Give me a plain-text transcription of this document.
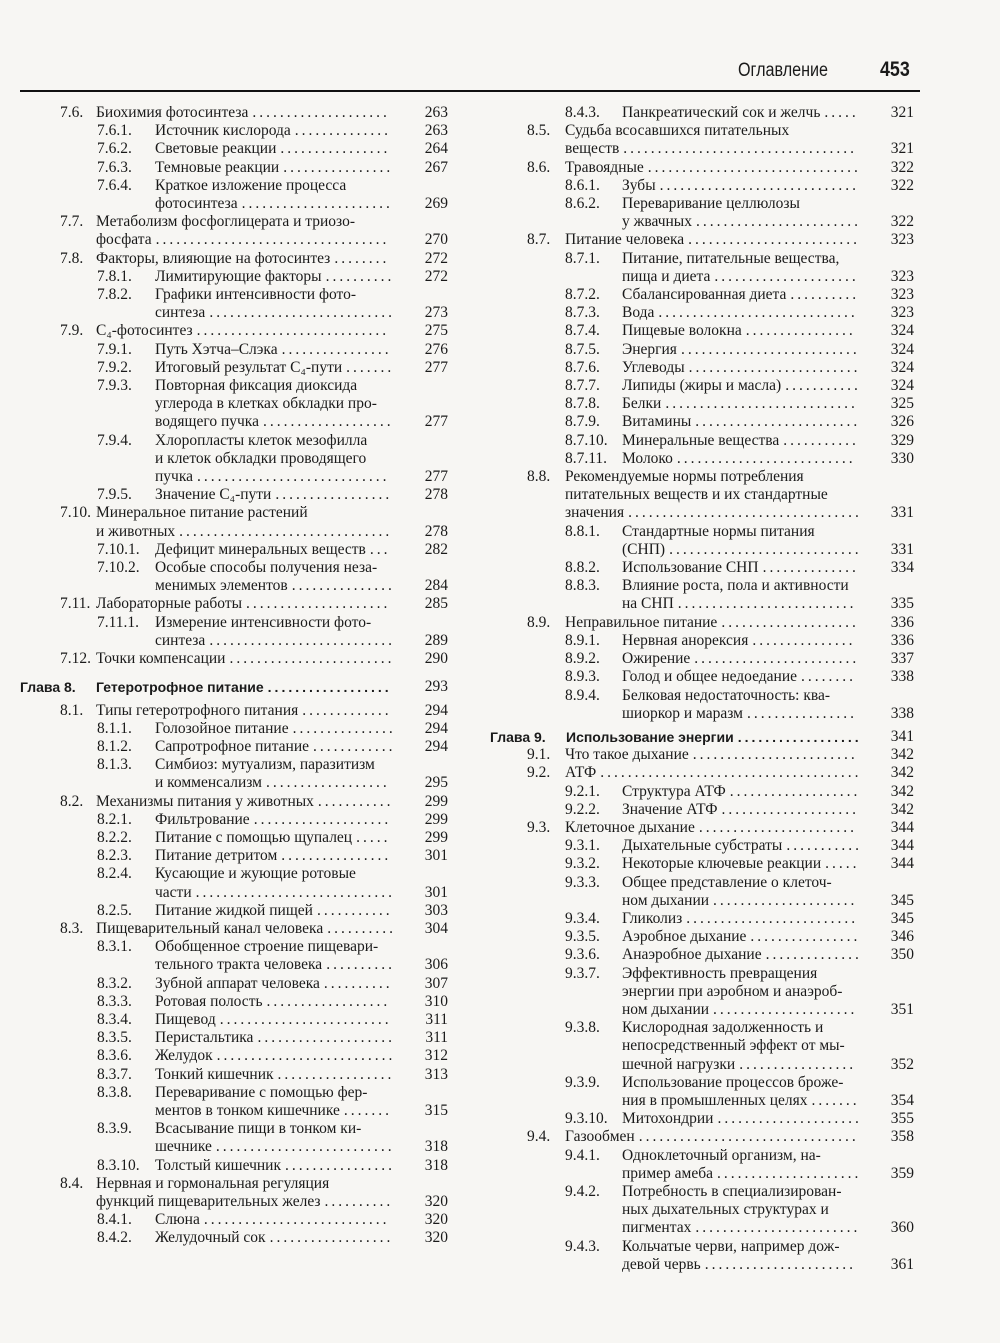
Оглавление 453
7.6. Биохимия фотосинтеза ....................	263
7.6.1.	Источник кислорода ..............	263
7.6.2.	Световые реакции ................	264
7.6.3.	Темновые реакции ................	267
7.6.4.	Краткое изложение процесса
фотосинтеза ......................	269
7.7. Метаболизм фосфоглицерата и триозо-
фосфата ..................................	270
7.8. Факторы, влияющие на фотосинтез ........	272
7.8.1.	Лимитирующие факторы ..........	272
7.8.2.	Графики интенсивности фото-
синтеза ...........................	273
7.9. C₄-фотосинтез ............................	275
7.9.1.	Путь Хэтча–Слэка ................	276
7.9.2.	Итоговый результат C₄-пути .......	277
7.9.3.	Повторная фиксация диоксида
углерода в клетках обкладки про-
водящего пучка ...................	277
7.9.4.	Хлоропласты клеток мезофилла
и клеток обкладки проводящего
пучка ............................	277
7.9.5.	Значение C₄-пути .................	278
7.10. Минеральное питание растений
и животных ...............................	278
7.10.1. Дефицит минеральных веществ ...	282
7.10.2. Особые способы получения неза-
менимых элементов ...............	284
7.11. Лабораторные работы .....................	285
7.11.1.	Измерение интенсивности фото-
синтеза ...........................	289
7.12. Точки компенсации ........................	290
Глава 8.	Гетеротрофное питание ..................	293
8.1. Типы гетеротрофного питания .............	294
8.1.1.	Голозойное питание ...............	294
8.1.2.	Сапротрофное питание ............	294
8.1.3.	Симбиоз: мутуализм, паразитизм
и комменсализм ..................	295
8.2. Механизмы питания у животных ...........	299
8.2.1.	Фильтрование ....................	299
8.2.2.	Питание с помощью щупалец .....	299
8.2.3.	Питание детритом ................	301
8.2.4.	Кусающие и жующие ротовые
части .............................	301
8.2.5.	Питание жидкой пищей ...........	303
8.3. Пищеварительный канал человека ..........	304
8.3.1.	Обобщенное строение пищевари-
тельного тракта человека ..........	306
8.3.2.	Зубной аппарат человека ..........	307
8.3.3.	Ротовая полость ..................	310
8.3.4.	Пищевод .........................	311
8.3.5.	Перистальтика ....................	311
8.3.6.	Желудок ..........................	312
8.3.7.	Тонкий кишечник .................	313
8.3.8.	Переваривание с помощью фер-
ментов в тонком кишечнике .......	315
8.3.9.	Всасывание пищи в тонком ки-
шечнике ..........................	318
8.3.10. Толстый кишечник ................	318
8.4. Нервная и гормональная регуляция
функций пищеварительных желез ..........	320
8.4.1.	Слюна ...........................	320
8.4.2.	Желудочный сок ..................	320
8.4.3.	Панкреатический сок и желчь .....	321
8.5. Судьба всосавшихся питательных
веществ ..................................	321
8.6. Травоядные ...............................	322
8.6.1.	Зубы .............................	322
8.6.2.	Переваривание целлюлозы
у жвачных ........................	322
8.7. Питание человека .........................	323
8.7.1.	Питание, питательные вещества,
пища и диета .....................	323
8.7.2.	Сбалансированная диета ..........	323
8.7.3.	Вода .............................	323
8.7.4.	Пищевые волокна ................	324
8.7.5.	Энергия ..........................	324
8.7.6.	Углеводы .........................	324
8.7.7.	Липиды (жиры и масла) ...........	324
8.7.8.	Белки ............................	325
8.7.9.	Витамины ........................	326
8.7.10. Минеральные вещества ...........	329
8.7.11. Молоко ..........................	330
8.8. Рекомендуемые нормы потребления
питательных веществ и их стандартные
значения ..................................	331
8.8.1.	Стандартные нормы питания
(СНП) ............................	331
8.8.2.	Использование СНП ..............	334
8.8.3.	Влияние роста, пола и активности
на СНП ..........................	335
8.9. Неправильное питание ....................	336
8.9.1.	Нервная анорексия ...............	336
8.9.2.	Ожирение ........................	337
8.9.3.	Голод и общее недоедание ........	338
8.9.4.	Белковая недостаточность: ква-
шиоркор и маразм ................	338
Глава 9.	Использование энергии ..................	341
9.1. Что такое дыхание ........................	342
9.2. АТФ ......................................	342
9.2.1.	Структура АТФ ...................	342
9.2.2.	Значение АТФ ....................	342
9.3. Клеточное дыхание .......................	344
9.3.1.	Дыхательные субстраты ...........	344
9.3.2.	Некоторые ключевые реакции .....	344
9.3.3.	Общее представление о клеточ-
ном дыхании .....................	345
9.3.4.	Гликолиз .........................	345
9.3.5.	Аэробное дыхание ................	346
9.3.6.	Анаэробное дыхание ..............	350
9.3.7.	Эффективность превращения
энергии при аэробном и анаэроб-
ном дыхании .....................	351
9.3.8.	Кислородная задолженность и
непосредственный эффект от мы-
шечной нагрузки .................	352
9.3.9.	Использование процессов броже-
ния в промышленных целях .......	354
9.3.10. Митохондрии .....................	355
9.4. Газообмен ................................	358
9.4.1.	Одноклеточный организм, на-
пример амеба .....................	359
9.4.2.	Потребность в специализирован-
ных дыхательных структурах и
пигментах ........................	360
9.4.3.	Кольчатые черви, например дож-
девой червь ......................	361
